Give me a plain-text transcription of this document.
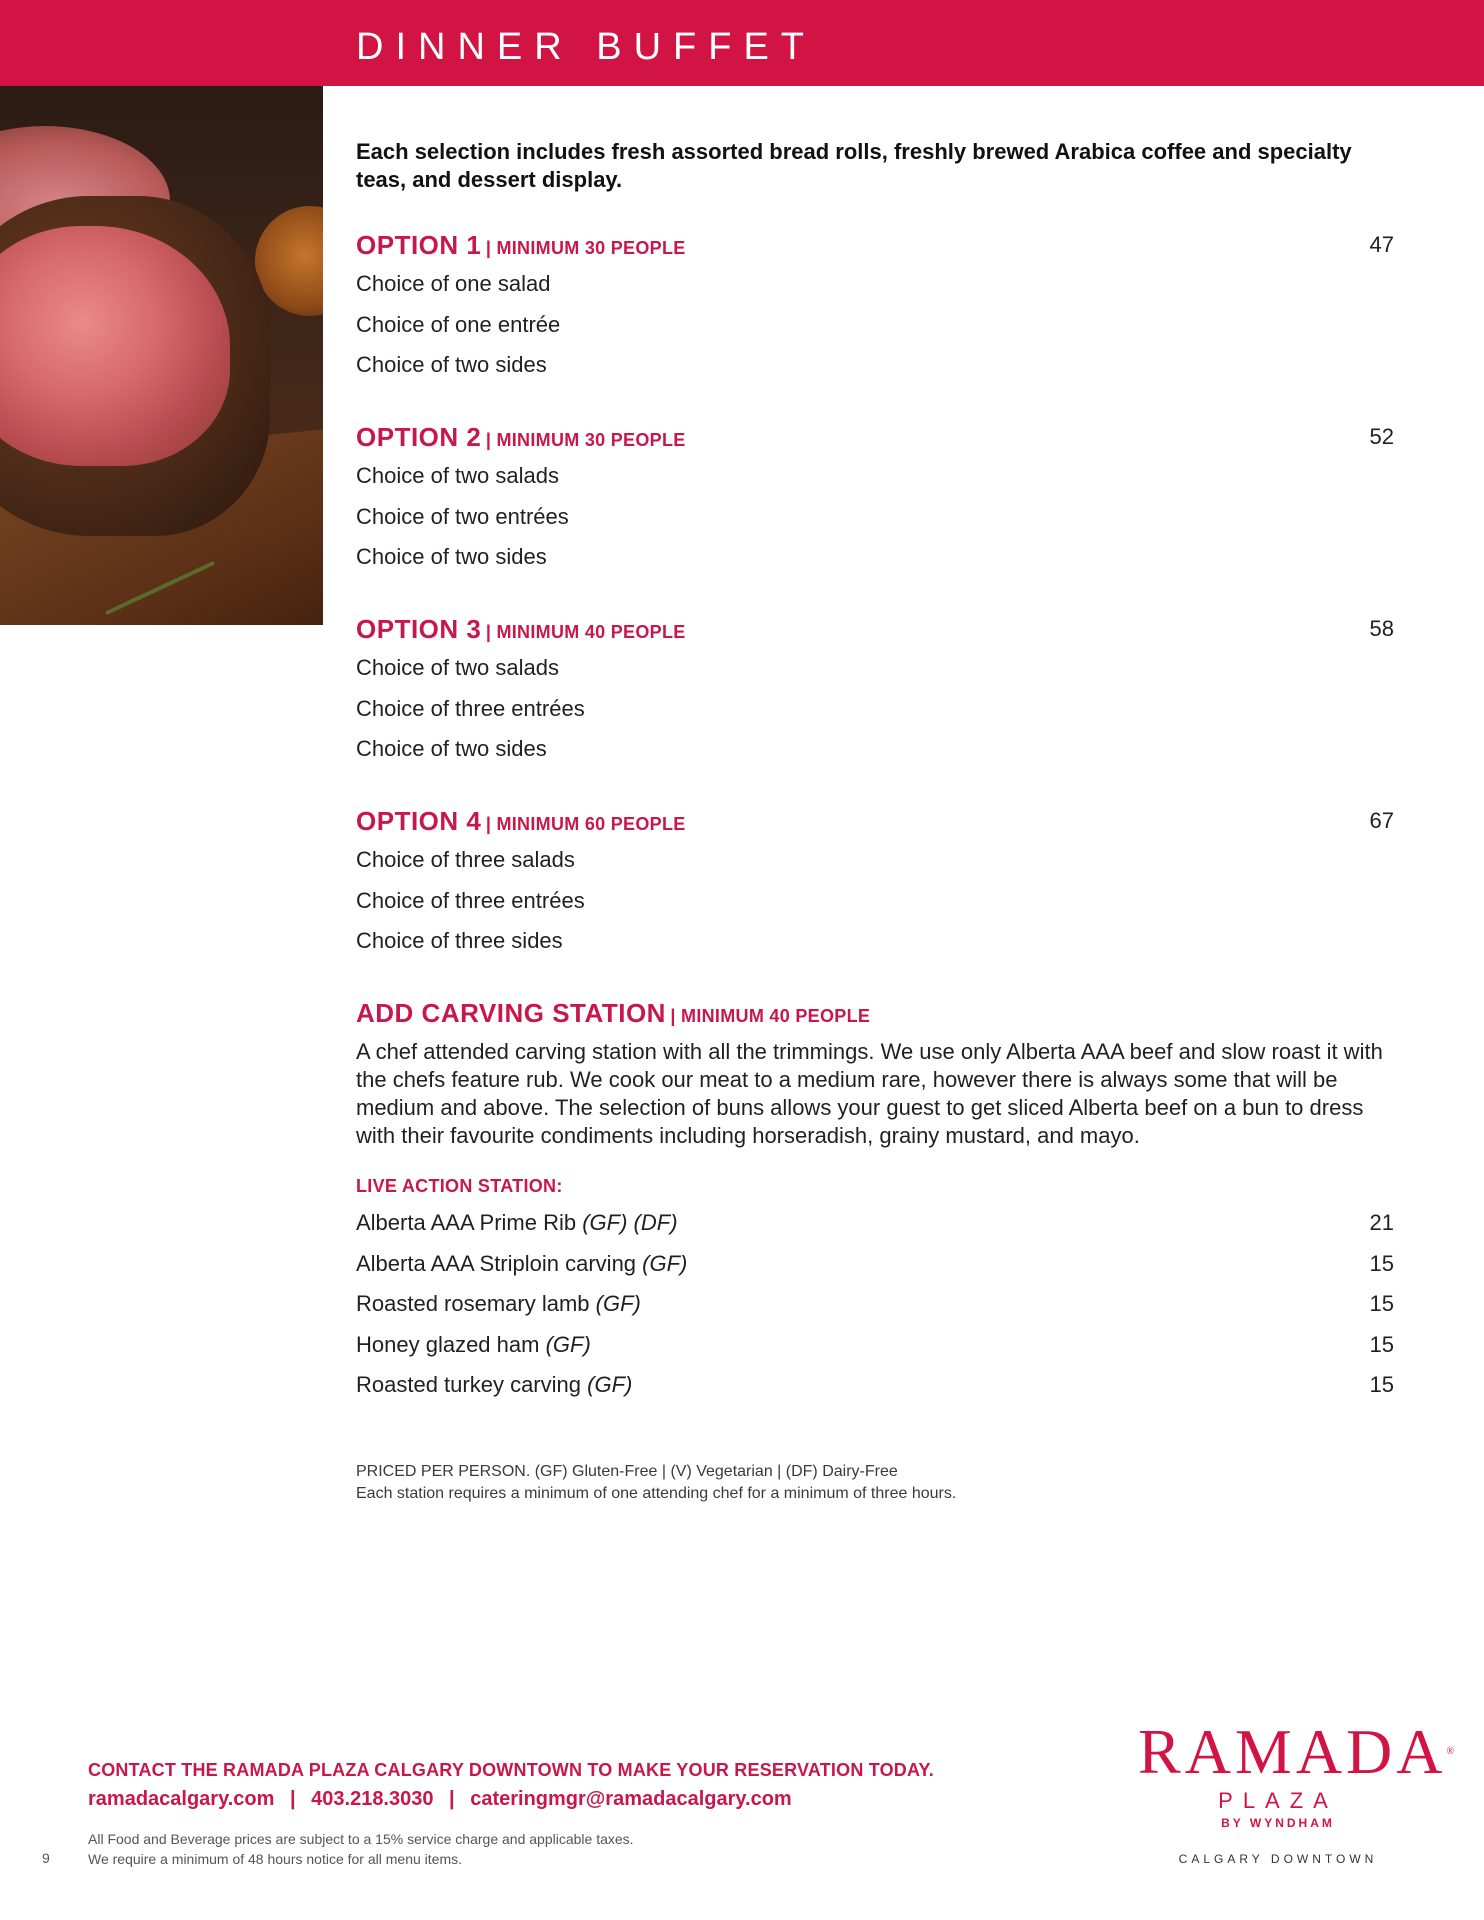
DINNER BUFFET
Each selection includes fresh assorted bread rolls, freshly brewed Arabica coffee and specialty teas, and dessert display.
OPTION 1 | MINIMUM 30 PEOPLE	47
Choice of one salad
Choice of one entrée
Choice of two sides
OPTION 2 | MINIMUM 30 PEOPLE	52
Choice of two salads
Choice of two entrées
Choice of two sides
OPTION 3 | MINIMUM 40 PEOPLE	58
Choice of two salads
Choice of three entrées
Choice of two sides
OPTION 4 | MINIMUM 60 PEOPLE	67
Choice of three salads
Choice of three entrées
Choice of three sides
ADD CARVING STATION | MINIMUM 40 PEOPLE
A chef attended carving station with all the trimmings. We use only Alberta AAA beef and slow roast it with the chefs feature rub. We cook our meat to a medium rare, however there is always some that will be medium and above. The selection of buns allows your guest to get sliced Alberta beef on a bun to dress with their favourite condiments including horseradish, grainy mustard, and mayo.
LIVE ACTION STATION:
Alberta AAA Prime Rib (GF) (DF)	21
Alberta AAA Striploin carving (GF)	15
Roasted rosemary lamb (GF)	15
Honey glazed ham (GF)	15
Roasted turkey carving (GF)	15
PRICED PER PERSON. (GF) Gluten-Free | (V) Vegetarian | (DF) Dairy-Free
Each station requires a minimum of one attending chef for a minimum of three hours.
CONTACT THE RAMADA PLAZA CALGARY DOWNTOWN TO MAKE YOUR RESERVATION TODAY.
ramadacalgary.com | 403.218.3030 | cateringmgr@ramadacalgary.com
All Food and Beverage prices are subject to a 15% service charge and applicable taxes.
We require a minimum of 48 hours notice for all menu items.
9
RAMADA®
PLAZA
BY WYNDHAM
CALGARY DOWNTOWN
